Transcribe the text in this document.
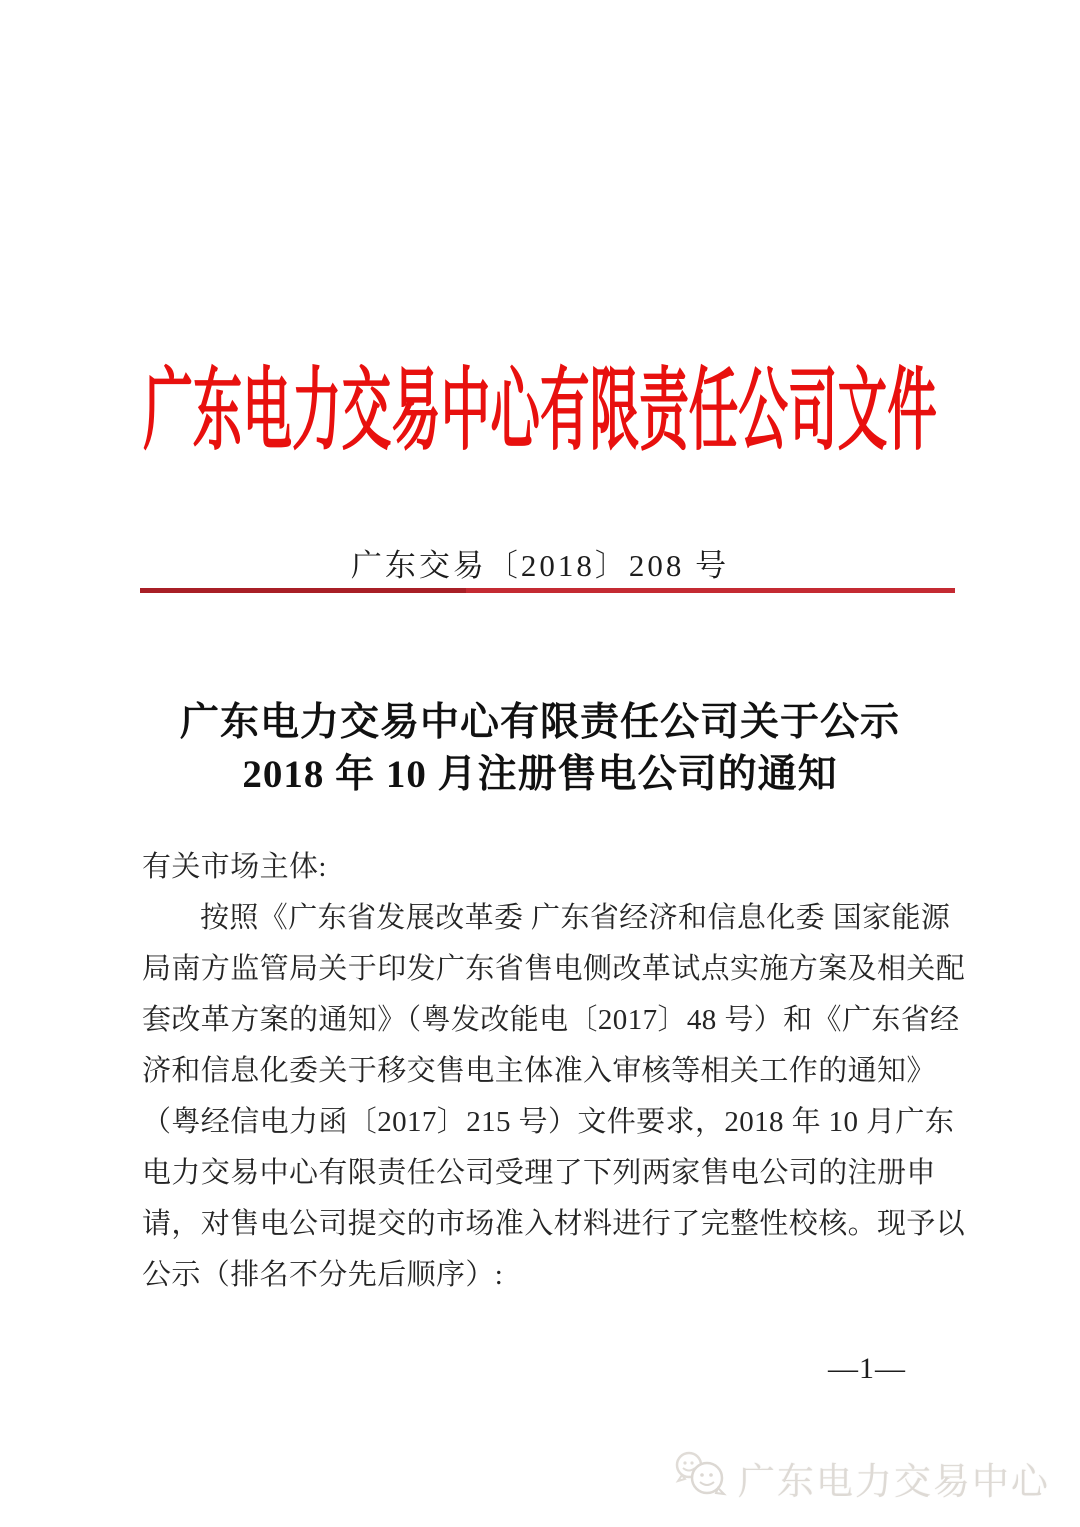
广东电力交易中心有限责任公司文件
广东交易〔2018〕208 号
广东电力交易中心有限责任公司关于公示
2018 年 10 月注册售电公司的通知
有关市场主体:
按照《广东省发展改革委 广东省经济和信息化委 国家能源
局南方监管局关于印发广东省售电侧改革试点实施方案及相关配
套改革方案的通知》（粤发改能电〔2017〕48 号）和《广东省经
济和信息化委关于移交售电主体准入审核等相关工作的通知》
（粤经信电力函〔2017〕215 号）文件要求，2018 年 10 月广东
电力交易中心有限责任公司受理了下列两家售电公司的注册申
请，对售电公司提交的市场准入材料进行了完整性校核。现予以
公示（排名不分先后顺序）:
—1—
广东电力交易中心
